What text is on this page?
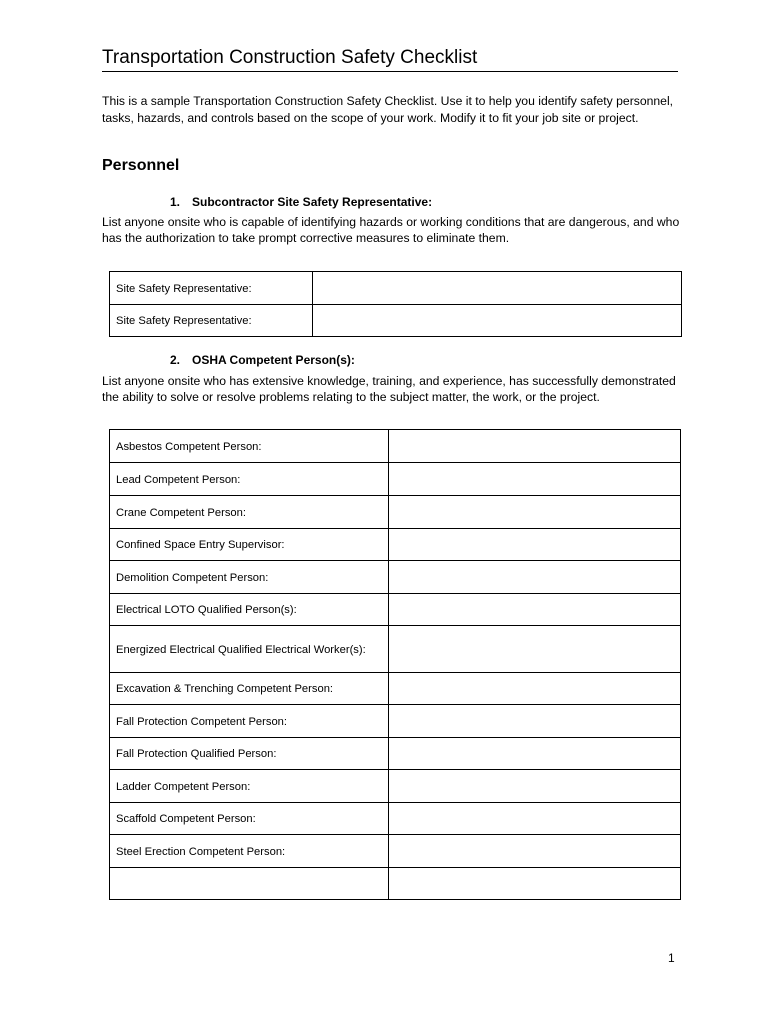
Transportation Construction Safety Checklist

This is a sample Transportation Construction Safety Checklist. Use it to help you identify safety personnel, tasks, hazards, and controls based on the scope of your work. Modify it to fit your job site or project.

Personnel
1. Subcontractor Site Safety Representative:

List anyone onsite who is capable of identifying hazards or working conditions that are dangerous, and who has the authorization to take prompt corrective measures to eliminate them.

Site Safety Representative:	
Site Safety Representative:	
2. OSHA Competent Person(s):

List anyone onsite who has extensive knowledge, training, and experience, has successfully demonstrated the ability to solve or resolve problems relating to the subject matter, the work, or the project.

Asbestos Competent Person:	
Lead Competent Person:	
Crane Competent Person:	
Confined Space Entry Supervisor:	
Demolition Competent Person:	
Electrical LOTO Qualified Person(s):	
Energized Electrical Qualified Electrical Worker(s):	
Excavation & Trenching Competent Person:	
Fall Protection Competent Person:	
Fall Protection Qualified Person:	
Ladder Competent Person:	
Scaffold Competent Person:	
Steel Erection Competent Person:	

1
